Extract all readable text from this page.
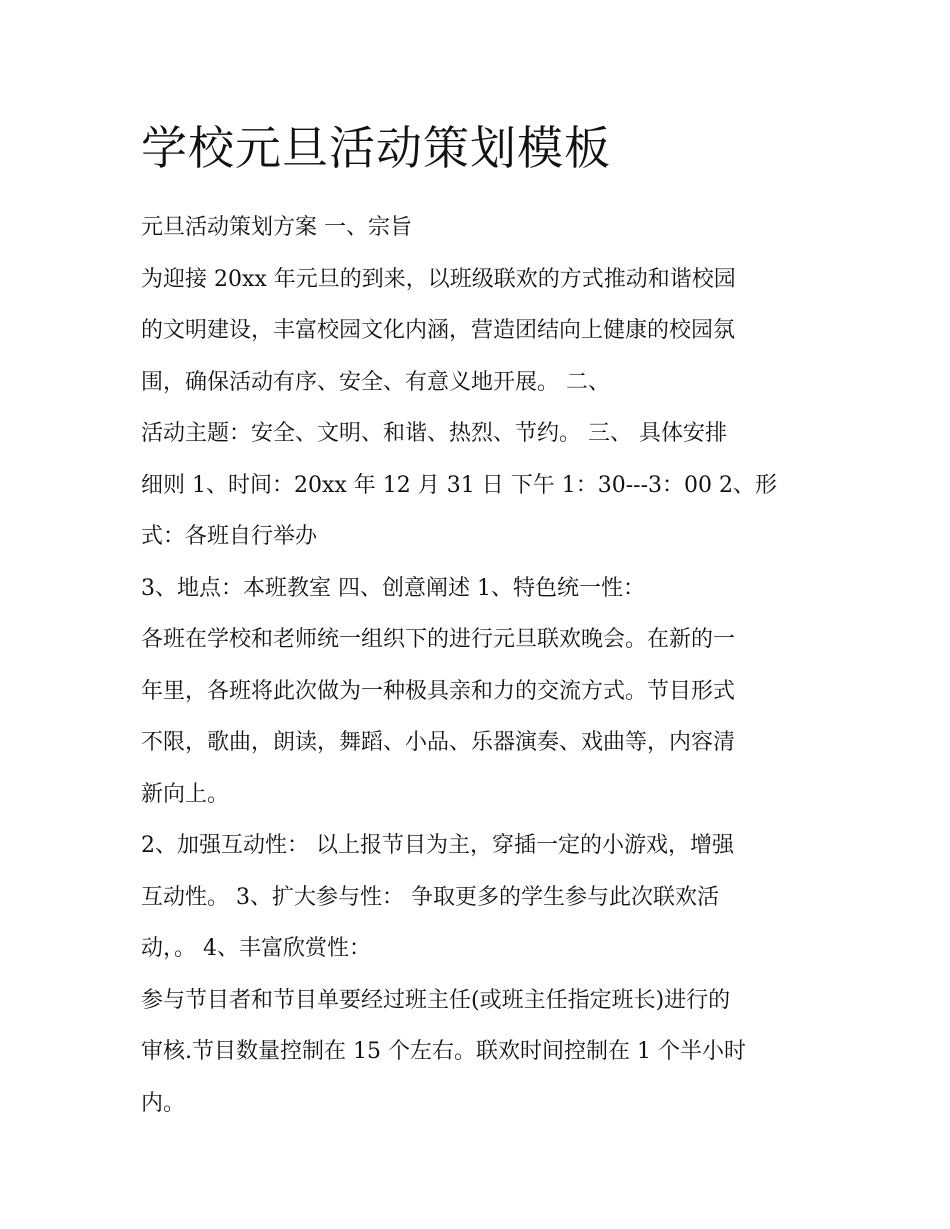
学校元旦活动策划模板
元旦活动策划方案 一、宗旨
为迎接 20xx 年元旦的到来，以班级联欢的方式推动和谐校园
的文明建设，丰富校园文化内涵，营造团结向上健康的校园氛
围，确保活动有序、安全、有意义地开展。 二、
活动主题：安全、文明、和谐、热烈、节约。 三、 具体安排
细则 1、时间：20xx 年 12 月 31 日 下午 1：30---3：00 2、形
式：各班自行举办
3、地点：本班教室 四、创意阐述 1、特色统一性：
各班在学校和老师统一组织下的进行元旦联欢晚会。在新的一
年里，各班将此次做为一种极具亲和力的交流方式。节目形式
不限，歌曲，朗读，舞蹈、小品、乐器演奏、戏曲等，内容清
新向上。
2、加强互动性： 以上报节目为主，穿插一定的小游戏，增强
互动性。 3、扩大参与性： 争取更多的学生参与此次联欢活
动，。 4、丰富欣赏性：
参与节目者和节目单要经过班主任(或班主任指定班长)进行的
审核.节目数量控制在 15 个左右。联欢时间控制在 1 个半小时
内。
